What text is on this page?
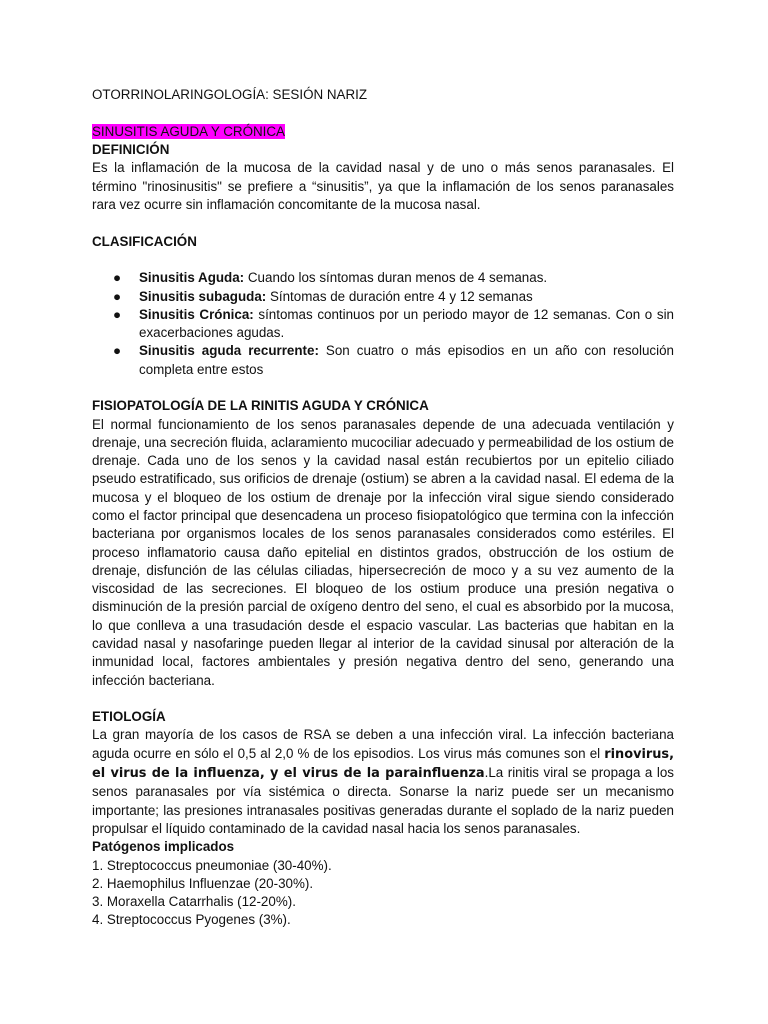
OTORRINOLARINGOLOGÍA: SESIÓN NARIZ

SINUSITIS AGUDA Y CRÓNICA

DEFINICIÓN

Es la inflamación de la mucosa de la cavidad nasal y de uno o más senos paranasales. El término "rinosinusitis" se prefiere a “sinusitis”, ya que la inflamación de los senos paranasales rara vez ocurre sin inflamación concomitante de la mucosa nasal.

CLASIFICACIÓN

● Sinusitis Aguda: Cuando los síntomas duran menos de 4 semanas.
● Sinusitis subaguda: Síntomas de duración entre 4 y 12 semanas
● Sinusitis Crónica: síntomas continuos por un periodo mayor de 12 semanas. Con o sin exacerbaciones agudas.
● Sinusitis aguda recurrente: Son cuatro o más episodios en un año con resolución completa entre estos

FISIOPATOLOGÍA DE LA RINITIS AGUDA Y CRÓNICA

El normal funcionamiento de los senos paranasales depende de una adecuada ventilación y drenaje, una secreción fluida, aclaramiento mucociliar adecuado y permeabilidad de los ostium de drenaje. Cada uno de los senos y la cavidad nasal están recubiertos por un epitelio ciliado pseudo estratificado, sus orificios de drenaje (ostium) se abren a la cavidad nasal. El edema de la mucosa y el bloqueo de los ostium de drenaje por la infección viral sigue siendo considerado como el factor principal que desencadena un proceso fisiopatológico que termina con la infección bacteriana por organismos locales de los senos paranasales considerados como estériles. El proceso inflamatorio causa daño epitelial en distintos grados, obstrucción de los ostium de drenaje, disfunción de las células ciliadas, hipersecreción de moco y a su vez aumento de la viscosidad de las secreciones. El bloqueo de los ostium produce una presión negativa o disminución de la presión parcial de oxígeno dentro del seno, el cual es absorbido por la mucosa, lo que conlleva a una trasudación desde el espacio vascular. Las bacterias que habitan en la cavidad nasal y nasofaringe pueden llegar al interior de la cavidad sinusal por alteración de la inmunidad local, factores ambientales y presión negativa dentro del seno, generando una infección bacteriana.

ETIOLOGÍA

La gran mayoría de los casos de RSA se deben a una infección viral. La infección bacteriana aguda ocurre en sólo el 0,5 al 2,0 % de los episodios. Los virus más comunes son el rinovirus, el virus de la influenza, y el virus de la parainfluenza.La rinitis viral se propaga a los senos paranasales por vía sistémica o directa. Sonarse la nariz puede ser un mecanismo importante; las presiones intranasales positivas generadas durante el soplado de la nariz pueden propulsar el líquido contaminado de la cavidad nasal hacia los senos paranasales.

Patógenos implicados

1. Streptococcus pneumoniae (30-40%).
2. Haemophilus Influenzae (20-30%).
3. Moraxella Catarrhalis (12-20%).
4. Streptococcus Pyogenes (3%).
